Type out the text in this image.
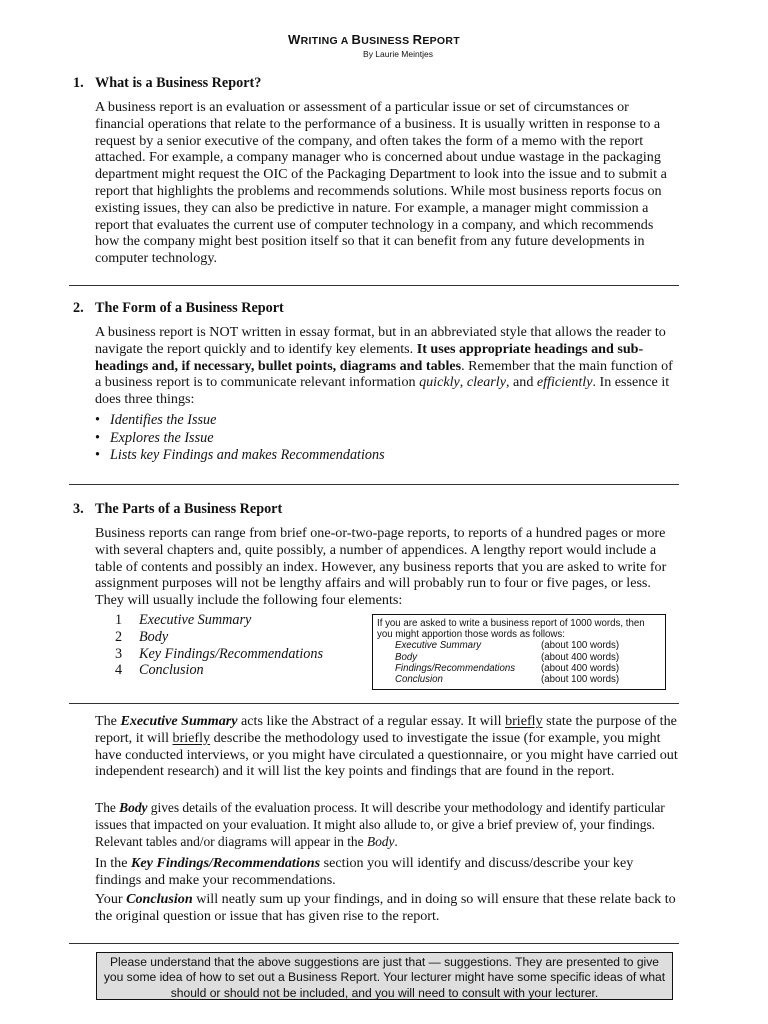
WRITING A BUSINESS REPORT
By Laurie Meintjes
1. What is a Business Report?

A business report is an evaluation or assessment of a particular issue or set of circumstances or financial operations that relate to the performance of a business. It is usually written in response to a request by a senior executive of the company, and often takes the form of a memo with the report attached. For example, a company manager who is concerned about undue wastage in the packaging department might request the OIC of the Packaging Department to look into the issue and to submit a report that highlights the problems and recommends solutions. While most business reports focus on existing issues, they can also be predictive in nature. For example, a manager might commission a report that evaluates the current use of computer technology in a company, and which recommends how the company might best position itself so that it can benefit from any future developments in computer technology.

2. The Form of a Business Report

A business report is NOT written in essay format, but in an abbreviated style that allows the reader to navigate the report quickly and to identify key elements. It uses appropriate headings and sub-headings and, if necessary, bullet points, diagrams and tables. Remember that the main function of a business report is to communicate relevant information quickly, clearly, and efficiently. In essence it does three things:

• Identifies the Issue
• Explores the Issue
• Lists key Findings and makes Recommendations
3. The Parts of a Business Report

Business reports can range from brief one-or-two-page reports, to reports of a hundred pages or more with several chapters and, quite possibly, a number of appendices. A lengthy report would include a table of contents and possibly an index. However, any business reports that you are asked to write for assignment purposes will not be lengthy affairs and will probably run to four or five pages, or less. They will usually include the following four elements:

1 Executive Summary
2 Body
3 Key Findings/Recommendations
4 Conclusion
If you are asked to write a business report of 1000 words, then you might apportion those words as follows:
Executive Summary	(about 100 words)
Body	(about 400 words)
Findings/Recommendations	(about 400 words)
Conclusion	(about 100 words)

The Executive Summary acts like the Abstract of a regular essay. It will briefly state the purpose of the report, it will briefly describe the methodology used to investigate the issue (for example, you might have conducted interviews, or you might have circulated a questionnaire, or you might have carried out independent research) and it will list the key points and findings that are found in the report.

The Body gives details of the evaluation process. It will describe your methodology and identify particular issues that impacted on your evaluation. It might also allude to, or give a brief preview of, your findings. Relevant tables and/or diagrams will appear in the Body.

In the Key Findings/Recommendations section you will identify and discuss/describe your key findings and make your recommendations.

Your Conclusion will neatly sum up your findings, and in doing so will ensure that these relate back to the original question or issue that has given rise to the report.

Please understand that the above suggestions are just that — suggestions. They are presented to give you some idea of how to set out a Business Report. Your lecturer might have some specific ideas of what should or should not be included, and you will need to consult with your lecturer.
